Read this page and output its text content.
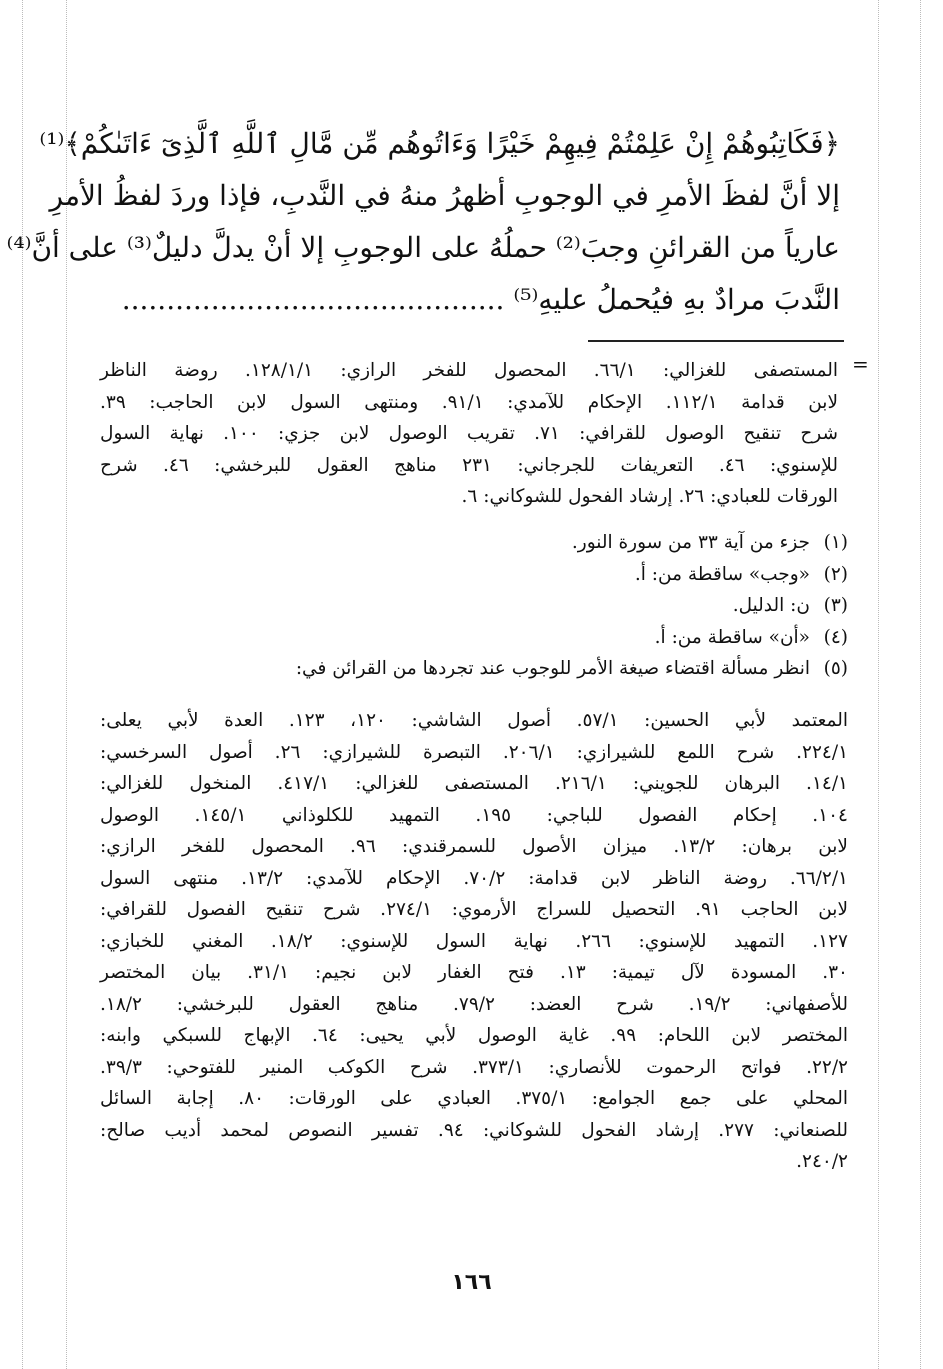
﴿فَكَاتِبُوهُمْ إِنْ عَلِمْتُمْ فِيهِمْ خَيْرًا وَءَاتُوهُم مِّن مَّالِ ٱللَّهِ ٱلَّذِىٓ ءَاتَىٰكُمْ﴾⁽¹⁾
إلا أنَّ لفظَ الأمرِ في الوجوبِ أظهرُ منهُ في النَّدبِ، فإذا وردَ لفظُ الأمرِ
عارياً من القرائنِ وجبَ⁽²⁾ حملُهُ على الوجوبِ إلا أنْ يدلَّ دليلٌ⁽³⁾ على أنَّ⁽⁴⁾
النَّدبَ مرادٌ بهِ فيُحملُ عليهِ⁽⁵⁾ ...........................................
=
المستصفى للغزالي: ٦٦/١. المحصول للفخر الرازي: ١٢٨/١/١. روضة الناظر
لابن قدامة ١١٢/١. الإحكام للآمدي: ٩١/١. ومنتهى السول لابن الحاجب: ٣٩.
شرح تنقيح الوصول للقرافي: ٧١. تقريب الوصول لابن جزي: ١٠٠. نهاية السول
للإسنوي: ٤٦. التعريفات للجرجاني: ٢٣١ مناهج العقول للبرخشي: ٤٦. شرح
الورقات للعبادي: ٢٦. إرشاد الفحول للشوكاني: ٦.
(١)
جزء من آية ٣٣ من سورة النور.
(٢)
«وجب» ساقطة من: أ.
(٣)
ن: الدليل.
(٤)
«أن» ساقطة من: أ.
(٥)
انظر مسألة اقتضاء صيغة الأمر للوجوب عند تجردها من القرائن في:
المعتمد لأبي الحسين: ٥٧/١. أصول الشاشي: ١٢٠، ١٢٣. العدة لأبي يعلى:
٢٢٤/١. شرح اللمع للشيرازي: ٢٠٦/١. التبصرة للشيرازي: ٢٦. أصول السرخسي:
١٤/١. البرهان للجويني: ٢١٦/١. المستصفى للغزالي: ٤١٧/١. المنخول للغزالي:
١٠٤. إحكام الفصول للباجي: ١٩٥. التمهيد للكلوذاني ١٤٥/١. الوصول
لابن برهان: ١٣/٢. ميزان الأصول للسمرقندي: ٩٦. المحصول للفخر الرازي:
٦٦/٢/١. روضة الناظر لابن قدامة: ٧٠/٢. الإحكام للآمدي: ١٣/٢. منتهى السول
لابن الحاجب ٩١. التحصيل للسراج الأرموي: ٢٧٤/١. شرح تنقيح الفصول للقرافي:
١٢٧. التمهيد للإسنوي: ٢٦٦. نهاية السول للإسنوي: ١٨/٢. المغني للخبازي:
٣٠. المسودة لآل تيمية: ١٣. فتح الغفار لابن نجيم: ٣١/١. بيان المختصر
للأصفهاني: ١٩/٢. شرح العضد: ٧٩/٢. مناهج العقول للبرخشي: ١٨/٢.
المختصر لابن اللحام: ٩٩. غاية الوصول لأبي يحيى: ٦٤. الإبهاج للسبكي وابنه:
٢٢/٢. فواتح الرحموت للأنصاري: ٣٧٣/١. شرح الكوكب المنير للفتوحي: ٣٩/٣.
المحلي على جمع الجوامع: ٣٧٥/١. العبادي على الورقات: ٨٠. إجابة السائل
للصنعاني: ٢٧٧. إرشاد الفحول للشوكاني: ٩٤. تفسير النصوص لمحمد أديب صالح:
٢٤٠/٢.
١٦٦
